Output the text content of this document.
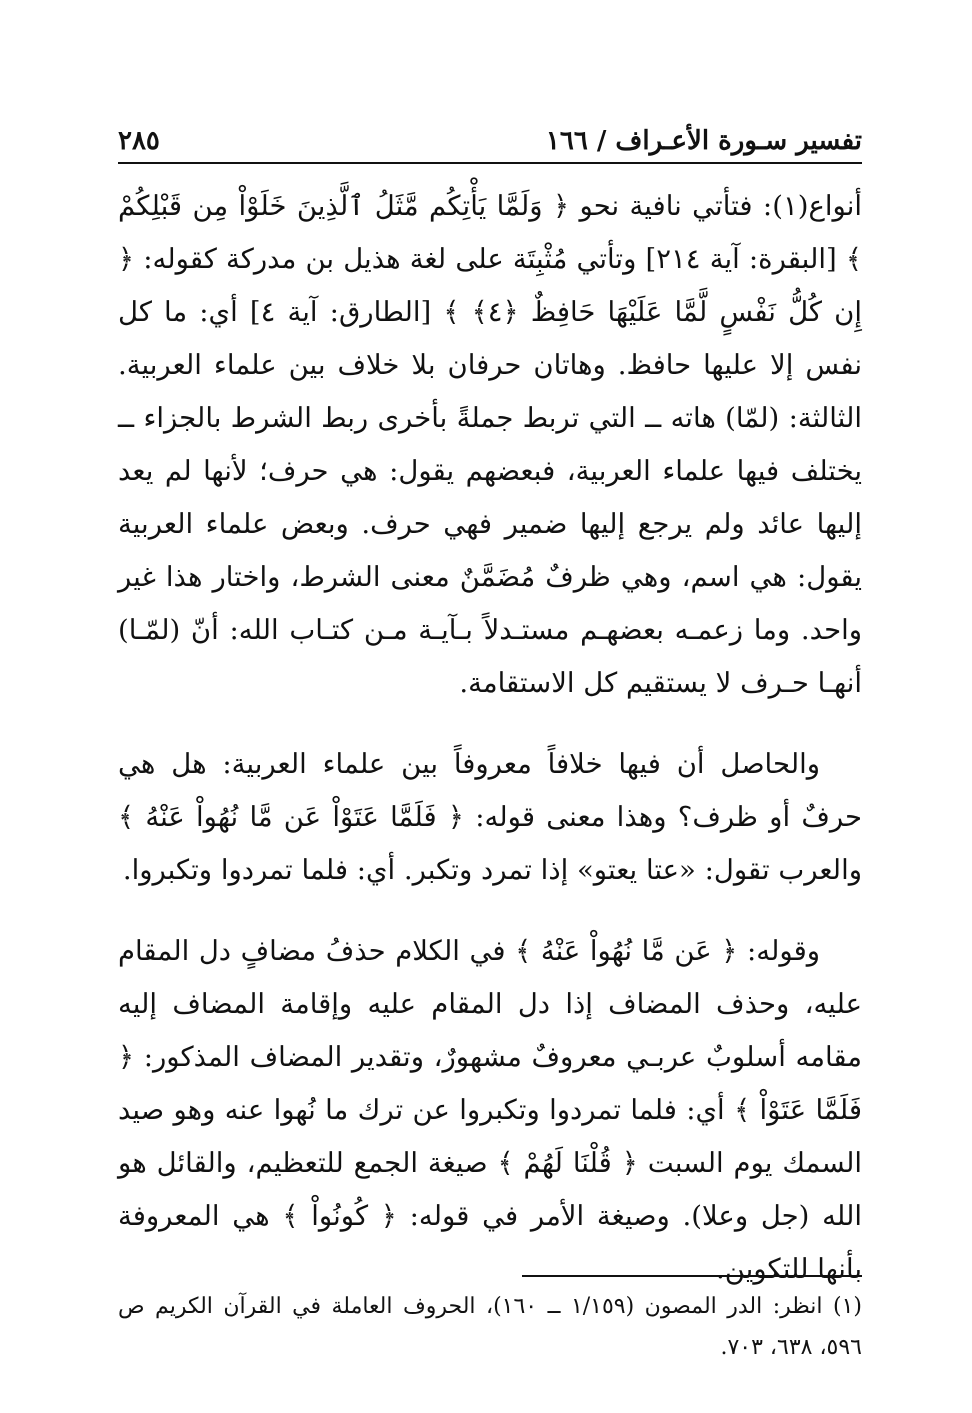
تفسير سـورة الأعـراف / ١٦٦
٢٨٥

أنواع(١): فتأتي نافية نحو ﴿ وَلَمَّا يَأْتِكُم مَّثَلُ ٱلَّذِينَ خَلَوْاْ مِن قَبْلِكُمْ ﴾ [البقرة: آية ٢١٤] وتأتي مُثْبِتَة على لغة هذيل بن مدركة كقوله: ﴿ إِن كُلُّ نَفْسٍ لَّمَّا عَلَيْهَا حَافِظٌ ﴿٤﴾ ﴾ [الطارق: آية ٤] أي: ما كل نفس إلا عليها حافظ. وهاتان حرفان بلا خلاف بين علماء العربية. الثالثة: (لمّا) هاته ــ التي تربط جملةً بأخرى ربط الشرط بالجزاء ــ يختلف فيها علماء العربية، فبعضهم يقول: هي حرف؛ لأنها لم يعد إليها عائد ولم يرجع إليها ضمير فهي حرف. وبعض علماء العربية يقول: هي اسم، وهي ظرفٌ مُضَمَّنٌ معنى الشرط، واختار هذا غير واحد. وما زعمـه بعضهـم مستـدلاً بـآيـة مـن كتـاب الله: أنّ (لمّـا) أنهـا حـرف لا يستقيم كل الاستقامة.

والحاصل أن فيها خلافاً معروفاً بين علماء العربية: هل هي حرفٌ أو ظرف؟ وهذا معنى قوله: ﴿ فَلَمَّا عَتَوْاْ عَن مَّا نُهُواْ عَنْهُ ﴾ والعرب تقول: «عتا يعتو» إذا تمرد وتكبر. أي: فلما تمردوا وتكبروا.

وقوله: ﴿ عَن مَّا نُهُواْ عَنْهُ ﴾ في الكلام حذفُ مضافٍ دل المقام عليه، وحذف المضاف إذا دل المقام عليه وإقامة المضاف إليه مقامه أسلوبٌ عربـي معروفٌ مشهورٌ، وتقدير المضاف المذكور: ﴿ فَلَمَّا عَتَوْاْ ﴾ أي: فلما تمردوا وتكبروا عن ترك ما نُهوا عنه وهو صيد السمك يوم السبت ﴿ قُلْنَا لَهُمْ ﴾ صيغة الجمع للتعظيم، والقائل هو الله (جل وعلا). وصيغة الأمر في قوله: ﴿ كُونُواْ ﴾ هي المعروفة بأنها للتكوين.

(١) انظر: الدر المصون (١/١٥٩ ــ ١٦٠)، الحروف العاملة في القرآن الكريم ص ٥٩٦، ٦٣٨، ٧٠٣.
